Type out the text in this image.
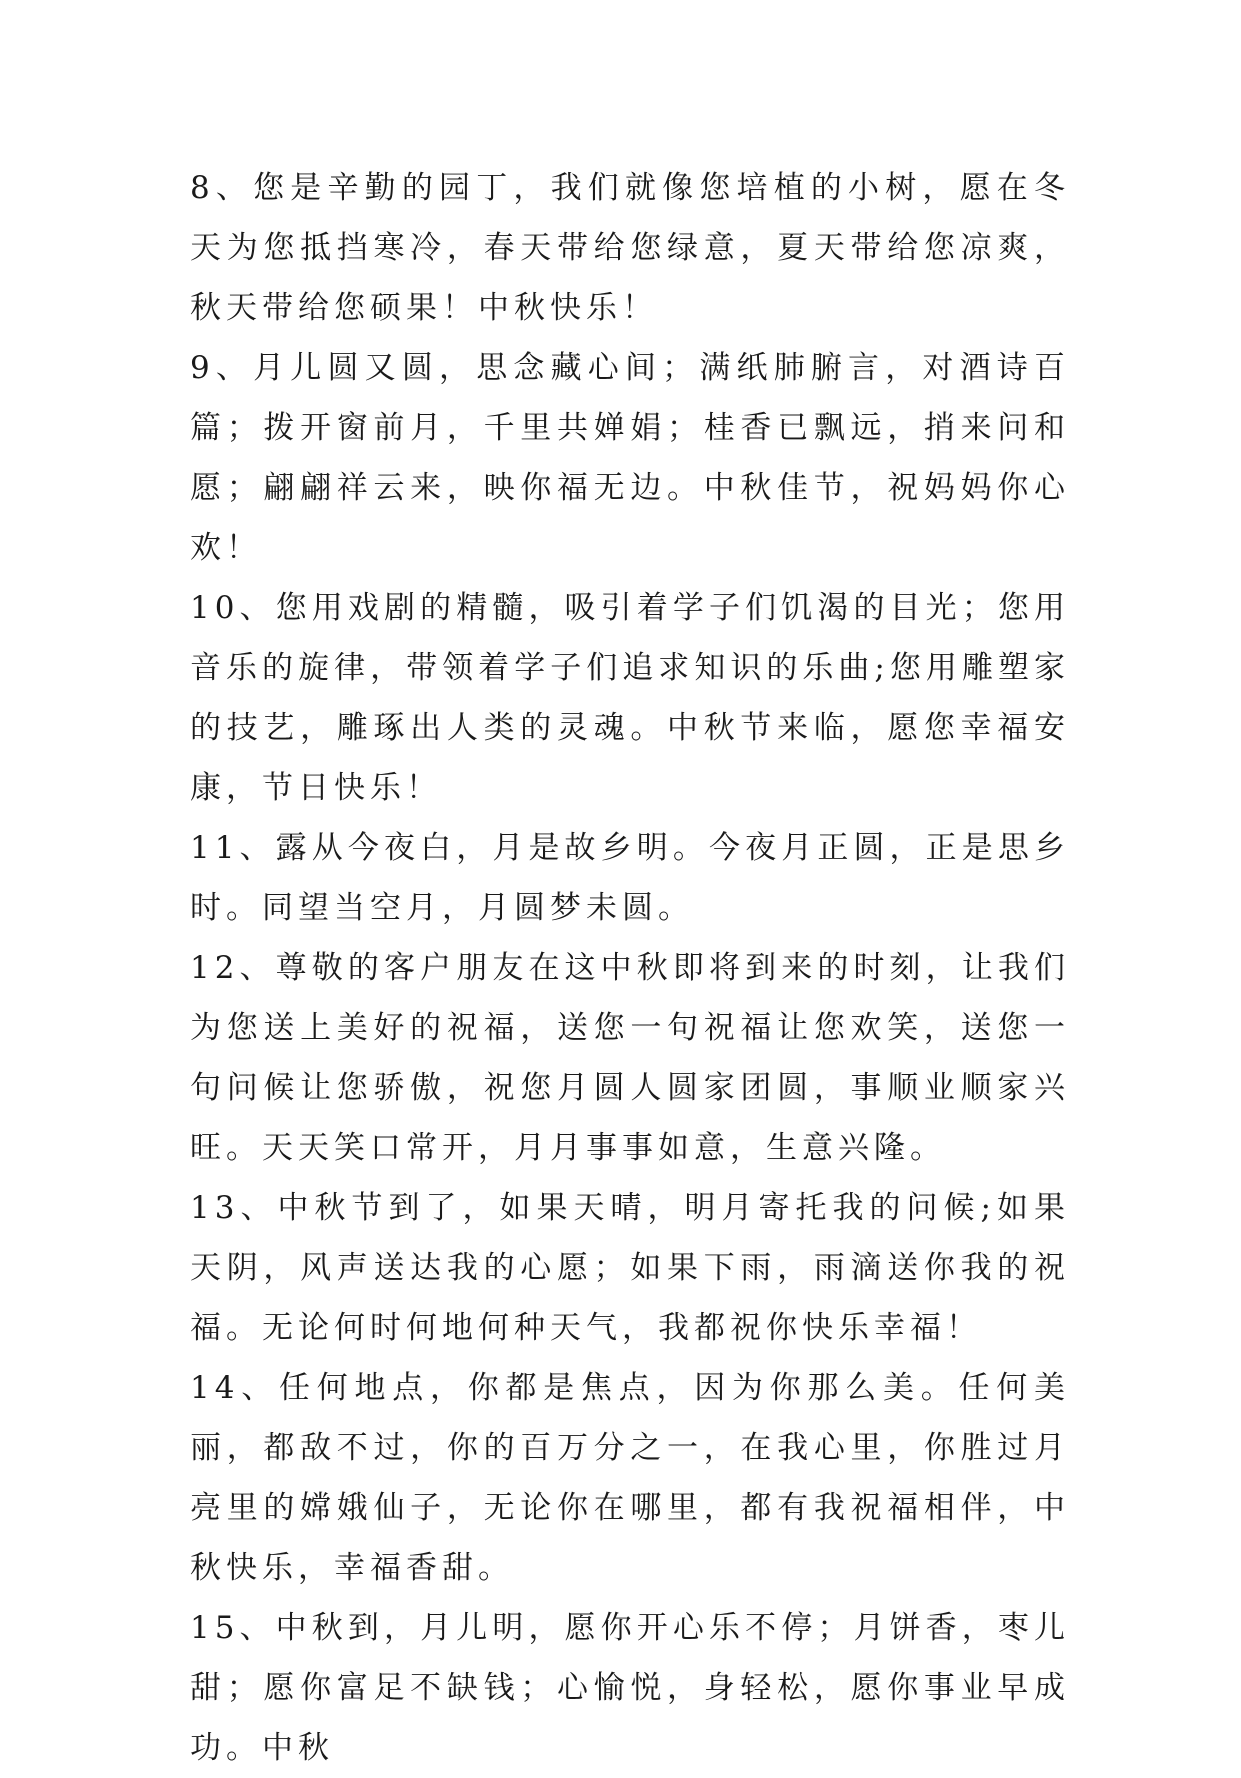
8、您是辛勤的园丁，我们就像您培植的小树，愿在冬天为您抵挡寒冷，春天带给您绿意，夏天带给您凉爽，秋天带给您硕果！中秋快乐！

9、月儿圆又圆，思念藏心间；满纸肺腑言，对酒诗百篇；拨开窗前月，千里共婵娟；桂香已飘远，捎来问和愿；翩翩祥云来，映你福无边。中秋佳节，祝妈妈你心欢！

10、您用戏剧的精髓，吸引着学子们饥渴的目光；您用音乐的旋律，带领着学子们追求知识的乐曲;您用雕塑家的技艺，雕琢出人类的灵魂。中秋节来临，愿您幸福安康，节日快乐！

11、露从今夜白，月是故乡明。今夜月正圆，正是思乡时。同望当空月，月圆梦未圆。

12、尊敬的客户朋友在这中秋即将到来的时刻，让我们为您送上美好的祝福，送您一句祝福让您欢笑，送您一句问候让您骄傲，祝您月圆人圆家团圆，事顺业顺家兴旺。天天笑口常开，月月事事如意，生意兴隆。

13、中秋节到了，如果天晴，明月寄托我的问候;如果天阴，风声送达我的心愿；如果下雨，雨滴送你我的祝福。无论何时何地何种天气，我都祝你快乐幸福！

14、任何地点，你都是焦点，因为你那么美。任何美丽，都敌不过，你的百万分之一，在我心里，你胜过月亮里的嫦娥仙子，无论你在哪里，都有我祝福相伴，中秋快乐，幸福香甜。

15、中秋到，月儿明，愿你开心乐不停；月饼香，枣儿甜；愿你富足不缺钱；心愉悦，身轻松，愿你事业早成功。中秋
